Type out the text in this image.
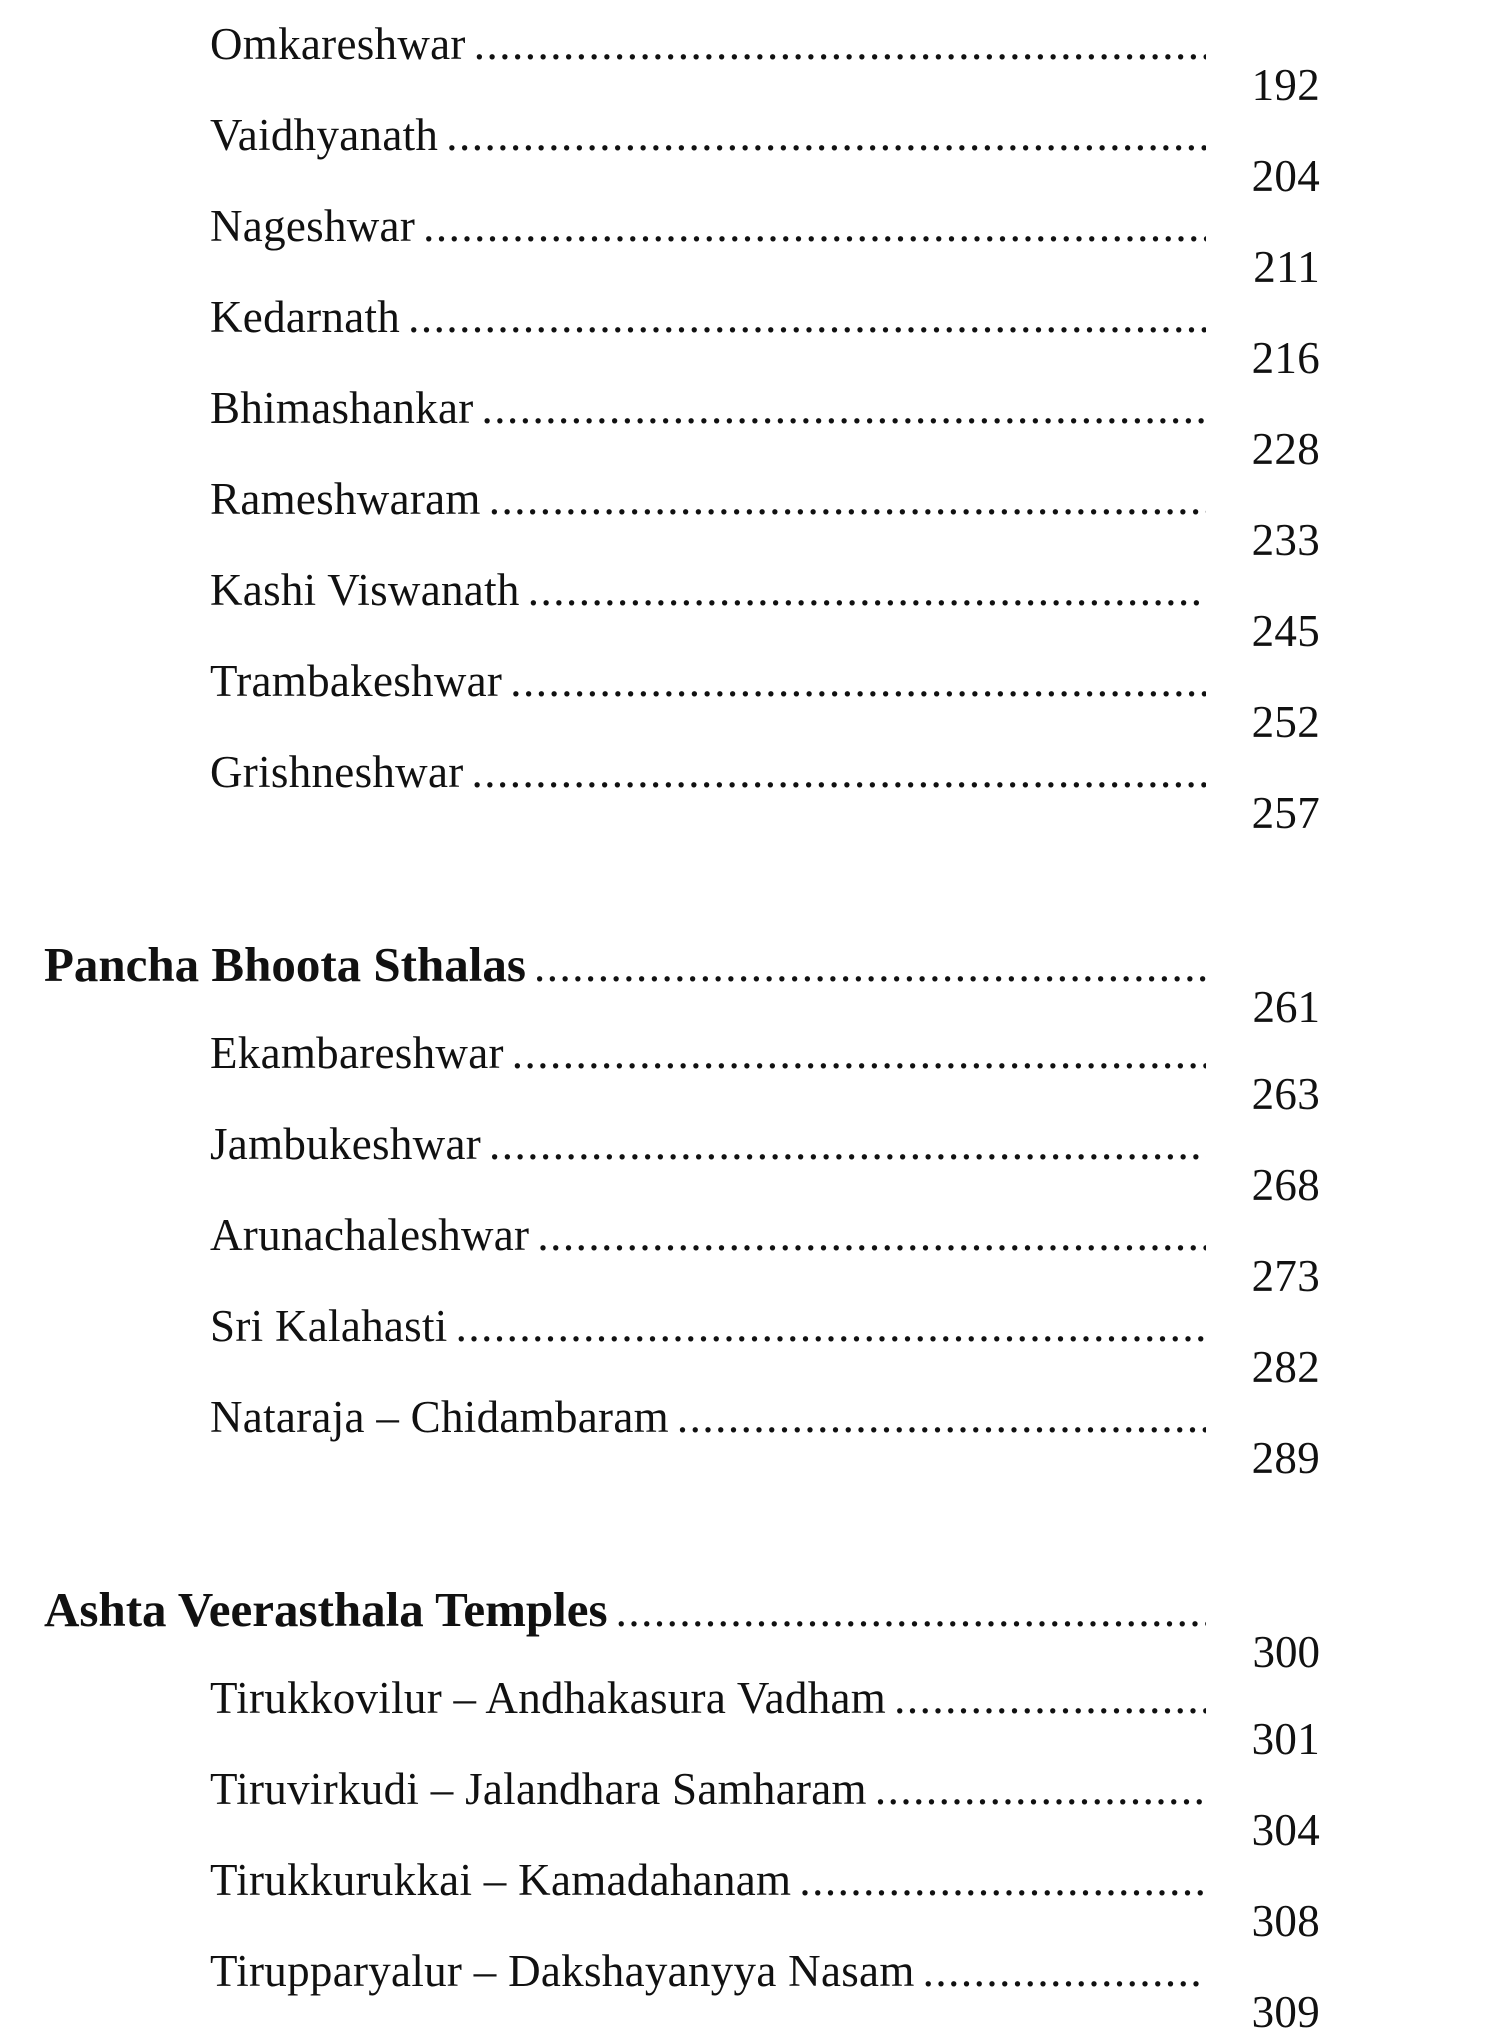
Omkareshwar
.....
192
Vaidhyanath
.....
204
Nageshwar
.....
211
Kedarnath
.....
216
Bhimashankar
.....
228
Rameshwaram
.....
233
Kashi Viswanath
.....
245
Trambakeshwar
.....
252
Grishneshwar
.....
257
Pancha Bhoota Sthalas
.....
261
Ekambareshwar
.....
263
Jambukeshwar
.....
268
Arunachaleshwar
.....
273
Sri Kalahasti
.....
282
Nataraja – Chidambaram
.....
289
Ashta Veerasthala Temples
.....
300
Tirukkovilur – Andhakasura Vadham
.....
301
Tiruvirkudi – Jalandhara Samharam
.....
304
Tirukkurukkai – Kamadahanam
.....
308
Tirupparyalur – Dakshayanyya Nasam
.....
309
